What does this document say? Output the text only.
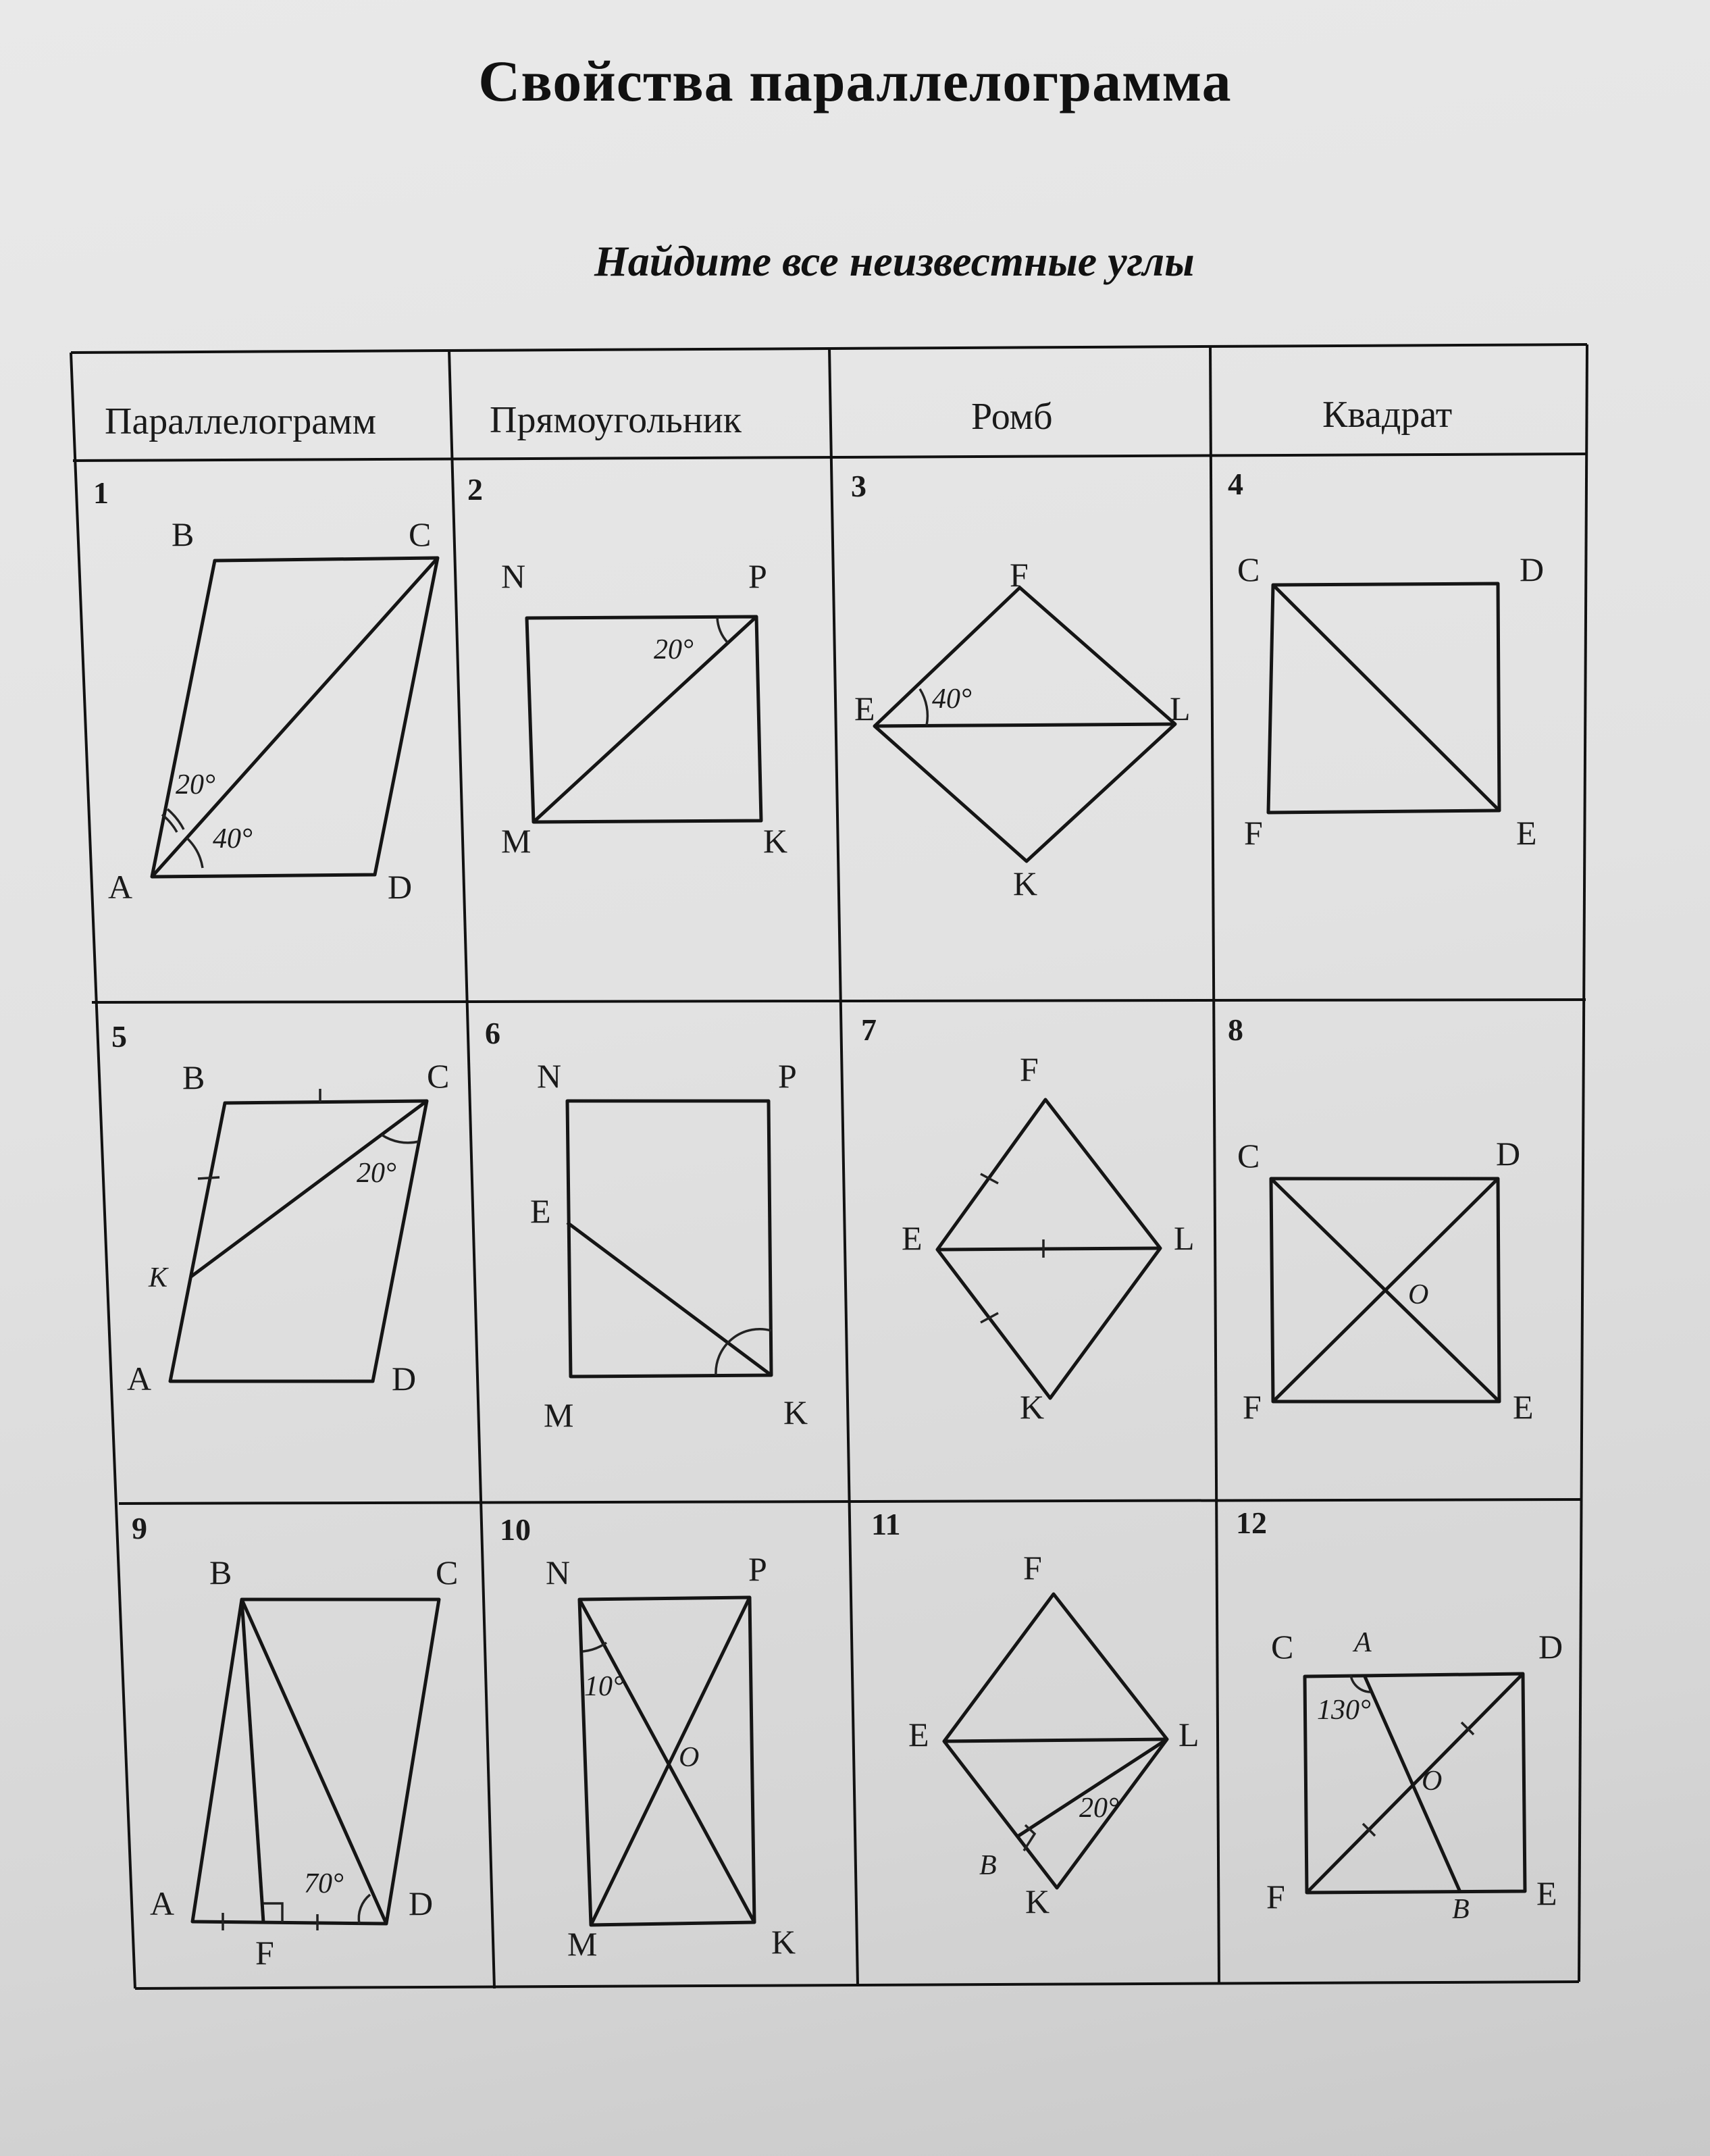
Свойства параллелограмма
Найдите все неизвестные углы
Параллелограмм	Прямоугольник	Ромб	Квадрат
1
A
B	C
D
20°
40°
2
N	P
M	K
20°
3
F
E	L
K
40°
4
C	D
F	E
5
A
B	C
D
K
20°
6
N	P
E
M	K
7
F
E	L
K
8
C	D
F	E
O
9
A
B	C
D
F
70°
10
N	P
M	K
10°
O
11
F
E	L
K
B
20°
12
C	D
F	E
A
B
O
130°
